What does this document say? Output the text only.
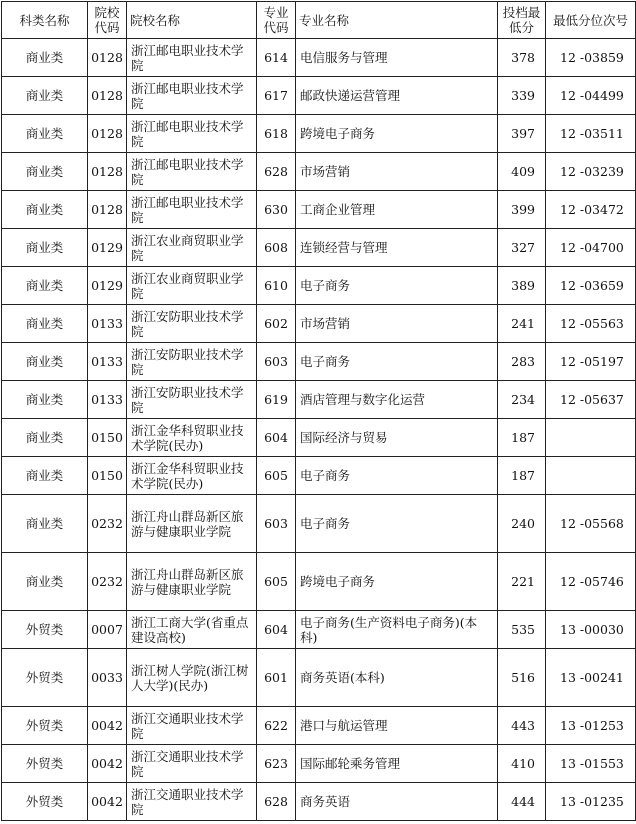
科类名称	院校代码	院校名称	专业代码	专业名称	投档最低分	最低分位次号
商业类	0128	浙江邮电职业技术学院	614	电信服务与管理	378	12 -03859
商业类	0128	浙江邮电职业技术学院	617	邮政快递运营管理	339	12 -04499
商业类	0128	浙江邮电职业技术学院	618	跨境电子商务	397	12 -03511
商业类	0128	浙江邮电职业技术学院	628	市场营销	409	12 -03239
商业类	0128	浙江邮电职业技术学院	630	工商企业管理	399	12 -03472
商业类	0129	浙江农业商贸职业学院	608	连锁经营与管理	327	12 -04700
商业类	0129	浙江农业商贸职业学院	610	电子商务	389	12 -03659
商业类	0133	浙江安防职业技术学院	602	市场营销	241	12 -05563
商业类	0133	浙江安防职业技术学院	603	电子商务	283	12 -05197
商业类	0133	浙江安防职业技术学院	619	酒店管理与数字化运营	234	12 -05637
商业类	0150	浙江金华科贸职业技术学院(民办)	604	国际经济与贸易	187	
商业类	0150	浙江金华科贸职业技术学院(民办)	605	电子商务	187	
商业类	0232	浙江舟山群岛新区旅游与健康职业学院	603	电子商务	240	12 -05568
商业类	0232	浙江舟山群岛新区旅游与健康职业学院	605	跨境电子商务	221	12 -05746
外贸类	0007	浙江工商大学(省重点建设高校)	604	电子商务(生产资料电子商务)(本科)	535	13 -00030
外贸类	0033	浙江树人学院(浙江树人大学)(民办)	601	商务英语(本科)	516	13 -00241
外贸类	0042	浙江交通职业技术学院	622	港口与航运管理	443	13 -01253
外贸类	0042	浙江交通职业技术学院	623	国际邮轮乘务管理	410	13 -01553
外贸类	0042	浙江交通职业技术学院	628	商务英语	444	13 -01235
